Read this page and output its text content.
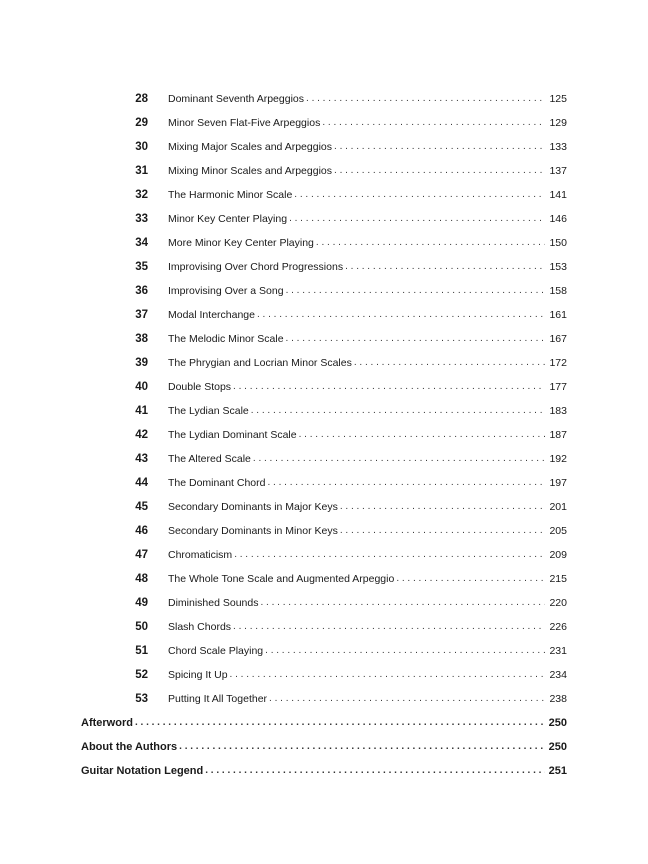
28 Dominant Seventh Arpeggios . . .	125
29 Minor Seven Flat-Five Arpeggios . . .	129
30 Mixing Major Scales and Arpeggios . . .	133
31 Mixing Minor Scales and Arpeggios . . .	137
32 The Harmonic Minor Scale . . .	141
33 Minor Key Center Playing . . .	146
34 More Minor Key Center Playing . . .	150
35 Improvising Over Chord Progressions . . .	153
36 Improvising Over a Song . . .	158
37 Modal Interchange . . .	161
38 The Melodic Minor Scale . . .	167
39 The Phrygian and Locrian Minor Scales . . .	172
40 Double Stops . . .	177
41 The Lydian Scale . . .	183
42 The Lydian Dominant Scale . . .	187
43 The Altered Scale . . .	192
44 The Dominant Chord . . .	197
45 Secondary Dominants in Major Keys . . .	201
46 Secondary Dominants in Minor Keys . . .	205
47 Chromaticism . . .	209
48 The Whole Tone Scale and Augmented Arpeggio . . .	215
49 Diminished Sounds . . .	220
50 Slash Chords . . .	226
51 Chord Scale Playing . . .	231
52 Spicing It Up . . .	234
53 Putting It All Together . . .	238
Afterword . . .	250
About the Authors . . .	250
Guitar Notation Legend . . .	251
